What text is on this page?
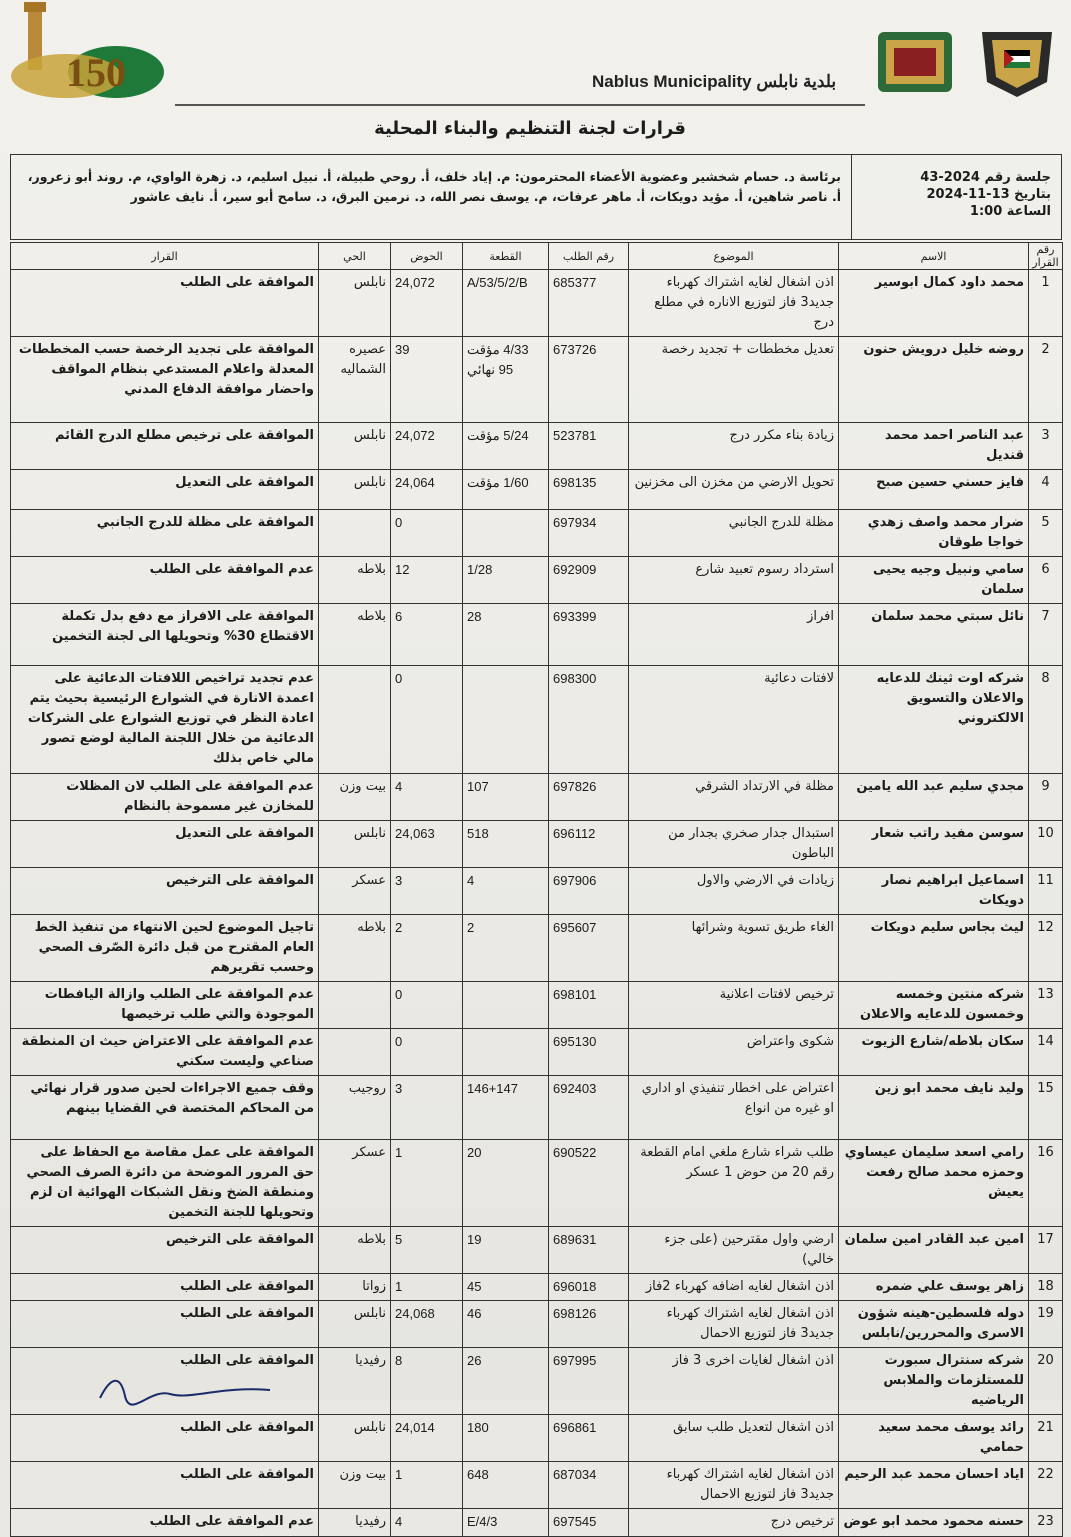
150	Nablus Municipality بلدية نابلس
قرارات لجنة التنظيم والبناء المحلية
جلسة رقم 2024-43
بتاريخ 13-11-2024
الساعة 1:00
برئاسة د. حسام شخشير وعضوية الأعضاء المحترمون: م. إياد خلف، أ. روحي طبيلة، أ. نبيل اسليم، د. زهرة الواوي، م. روند أبو زعرور، أ. ناصر شاهين، أ. مؤيد دويكات، أ. ماهر عرفات، م. يوسف نصر الله، د. نرمين البرق، د. سامح أبو سير، أ. نايف عاشور
رقم القرار	الاسم	الموضوع	رقم الطلب	القطعة	الحوض	الحي	القرار
1	محمد داود كمال ابوسير	اذن اشغال لغايه اشتراك كهرباء جديد3 فاز لتوزيع الاناره في مطلع درج	685377	A/53/5/2/B	24,072	نابلس	الموافقة على الطلب
2	روضه خليل درويش حنون	تعديل مخططات + تجديد رخصة	673726	4/33 مؤقت 95 نهائي	39	عصيره الشماليه	الموافقة على تجديد الرخصة حسب المخططات المعدلة واعلام المستدعي بنظام المواقف واحضار موافقة الدفاع المدني
3	عبد الناصر احمد محمد قنديل	زيادة بناء مكرر درج	523781	5/24 مؤقت	24,072	نابلس	الموافقة على ترخيص مطلع الدرج القائم
4	فايز حسني حسين صبح	تحويل الارضي من مخزن الى مخزنين	698135	1/60 مؤقت	24,064	نابلس	الموافقة على التعديل
5	ضرار محمد واصف زهدي خواجا طوقان	مظلة للدرج الجانبي	697934		0		الموافقة على مظلة للدرج الجانبي
6	سامي ونبيل وجيه يحيى سلمان	استرداد رسوم تعبيد شارع	692909	1/28	12	بلاطه	عدم الموافقة على الطلب
7	نائل سبتي محمد سلمان	افراز	693399	28	6	بلاطه	الموافقة على الافراز مع دفع بدل تكملة الاقتطاع 30% وتحويلها الى لجنة التخمين
8	شركه اوت ثينك للدعايه والاعلان والتسويق الالكتروني	لافتات دعائية	698300		0		عدم تجديد تراخيص اللافتات الدعائية على اعمدة الانارة في الشوارع الرئيسية بحيث يتم اعادة النظر في توزيع الشوارع على الشركات الدعائية من خلال اللجنة المالية لوضع تصور مالي خاص بذلك
9	مجدي سليم عبد الله يامين	مظلة في الارتداد الشرقي	697826	107	4	بيت وزن	عدم الموافقة على الطلب لان المظلات للمخازن غير مسموحة بالنظام
10	سوسن مفيد راتب شعار	استبدال جدار صخري بجدار من الباطون	696112	518	24,063	نابلس	الموافقة على التعديل
11	اسماعيل ابراهيم نصار دويكات	زيادات في الارضي والاول	697906	4	3	عسكر	الموافقة على الترخيص
12	ليث بجاس سليم دويكات	الغاء طريق تسوية وشرائها	695607	2	2	بلاطه	تاجيل الموضوع لحين الانتهاء من تنفيذ الخط العام المقترح من قبل دائرة الصّرف الصحي وحسب تقريرهم
13	شركه منتين وخمسه وخمسون للدعايه والاعلان	ترخيص لافتات اعلانية	698101		0		عدم الموافقة على الطلب وازالة اليافطات الموجودة والتي طلب ترخيصها
14	سكان بلاطه/شارع الزيوت	شكوى واعتراض	695130		0		عدم الموافقة على الاعتراض حيث ان المنطقة صناعي وليست سكني
15	وليد نايف محمد ابو زين	اعتراض على اخطار تنفيذي او اداري او غيره من انواع	692403	146+147	3	روجيب	وقف جميع الاجراءات لحين صدور قرار نهائي من المحاكم المختصة في القضايا بينهم
16	رامي اسعد سليمان عيساوي وحمزه محمد صالح رفعت يعيش	طلب شراء شارع ملغي امام القطعة رقم 20 من حوض 1 عسكر	690522	20	1	عسكر	الموافقة على عمل مقاصة مع الحفاظ على حق المرور الموضحة من دائرة الصرف الصحي ومنطقة الضخ ونقل الشبكات الهوائية ان لزم وتحويلها للجنة التخمين
17	امين عبد القادر امين سلمان	ارضي واول مقترحين (على جزء خالي)	689631	19	5	بلاطه	الموافقة على الترخيص
18	زاهر يوسف علي ضمره	اذن اشغال لغايه اضافه كهرباء 2فاز	696018	45	1	زواتا	الموافقة على الطلب
19	دوله فلسطين-هينه شؤون الاسرى والمحررين/نابلس	اذن اشغال لغايه اشتراك كهرباء جديد3 فاز لتوزيع الاحمال	698126	46	24,068	نابلس	الموافقة على الطلب
20	شركه سنترال سبورت للمستلزمات والملابس الرياضيه	اذن اشغال لغايات اخرى 3 فاز	697995	26	8	رفيديا	الموافقة على الطلب
21	رائد يوسف محمد سعيد حمامي	اذن اشغال لتعديل طلب سابق	696861	180	24,014	نابلس	الموافقة على الطلب
22	اياد احسان محمد عبد الرحيم	اذن اشغال لغايه اشتراك كهرباء جديد3 فاز لتوزيع الاحمال	687034	648	1	بيت وزن	الموافقة على الطلب
23	حسنه محمود محمد ابو عوض	ترخيص درج	697545	E/4/3	4	رفيديا	عدم الموافقة على الطلب
